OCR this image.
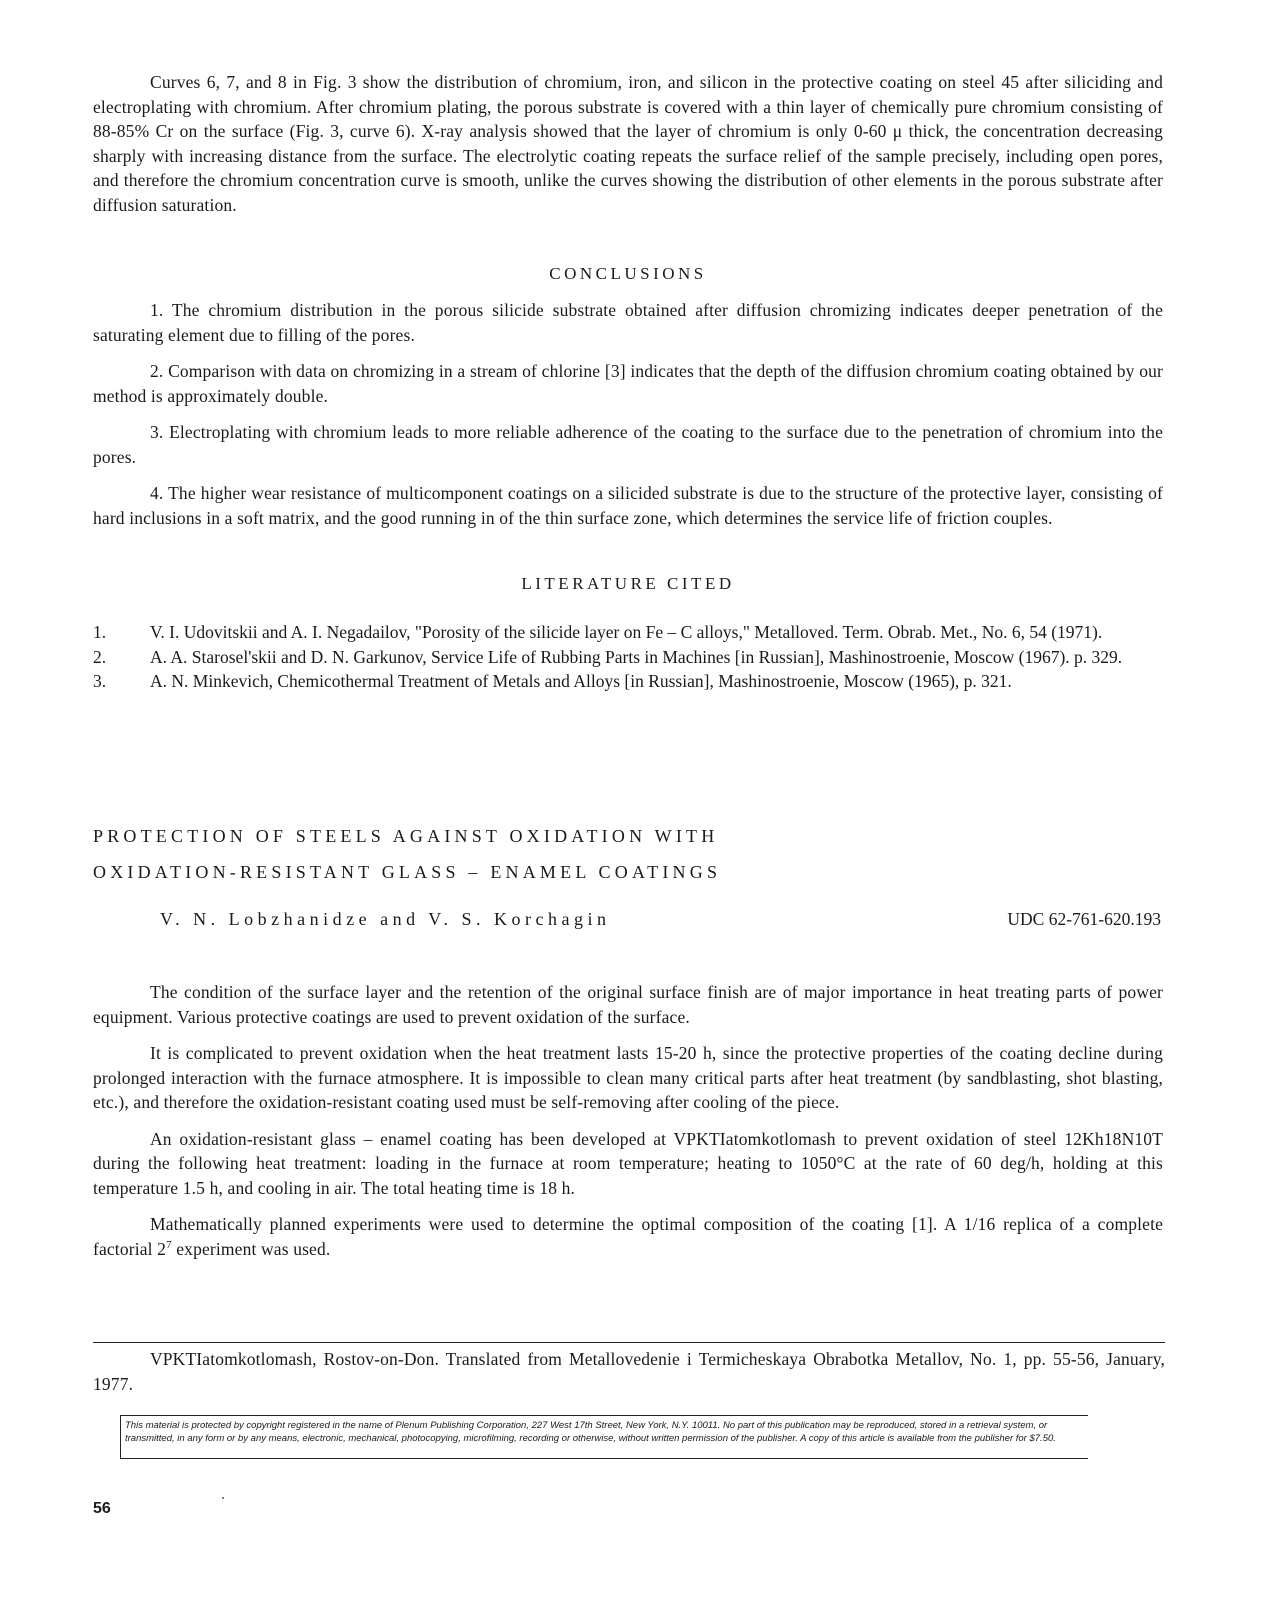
Curves 6, 7, and 8 in Fig. 3 show the distribution of chromium, iron, and silicon in the protective coating on steel 45 after siliciding and electroplating with chromium. After chromium plating, the porous substrate is covered with a thin layer of chemically pure chromium consisting of 88-85% Cr on the surface (Fig. 3, curve 6). X-ray analysis showed that the layer of chromium is only 0-60 μ thick, the concentration decreasing sharply with increasing distance from the surface. The electrolytic coating repeats the surface relief of the sample precisely, including open pores, and therefore the chromium concentration curve is smooth, unlike the curves showing the distribution of other elements in the porous substrate after diffusion saturation.

CONCLUSIONS

1. The chromium distribution in the porous silicide substrate obtained after diffusion chromizing indicates deeper penetration of the saturating element due to filling of the pores.

2. Comparison with data on chromizing in a stream of chlorine [3] indicates that the depth of the diffusion chromium coating obtained by our method is approximately double.

3. Electroplating with chromium leads to more reliable adherence of the coating to the surface due to the penetration of chromium into the pores.

4. The higher wear resistance of multicomponent coatings on a silicided substrate is due to the structure of the protective layer, consisting of hard inclusions in a soft matrix, and the good running in of the thin surface zone, which determines the service life of friction couples.

LITERATURE CITED
1.	V. I. Udovitskii and A. I. Negadailov, "Porosity of the silicide layer on Fe – C alloys," Metalloved. Term. Obrab. Met., No. 6, 54 (1971).
2.	A. A. Starosel'skii and D. N. Garkunov, Service Life of Rubbing Parts in Machines [in Russian], Mashinostroenie, Moscow (1967). p. 329.
3.	A. N. Minkevich, Chemicothermal Treatment of Metals and Alloys [in Russian], Mashinostroenie, Moscow (1965), p. 321.
PROTECTION OF STEELS AGAINST OXIDATION WITH
OXIDATION-RESISTANT GLASS – ENAMEL COATINGS
V. N. Lobzhanidze and V. S. Korchagin	UDC 62-761-620.193

The condition of the surface layer and the retention of the original surface finish are of major importance in heat treating parts of power equipment. Various protective coatings are used to prevent oxidation of the surface.

It is complicated to prevent oxidation when the heat treatment lasts 15-20 h, since the protective properties of the coating decline during prolonged interaction with the furnace atmosphere. It is impossible to clean many critical parts after heat treatment (by sandblasting, shot blasting, etc.), and therefore the oxidation-resistant coating used must be self-removing after cooling of the piece.

An oxidation-resistant glass – enamel coating has been developed at VPKTIatomkotlomash to prevent oxidation of steel 12Kh18N10T during the following heat treatment: loading in the furnace at room temperature; heating to 1050°C at the rate of 60 deg/h, holding at this temperature 1.5 h, and cooling in air. The total heating time is 18 h.

Mathematically planned experiments were used to determine the optimal composition of the coating [1]. A 1/16 replica of a complete factorial $2^7$ experiment was used.

VPKTIatomkotlomash, Rostov-on-Don. Translated from Metallovedenie i Termicheskaya Obrabotka Metallov, No. 1, pp. 55-56, January, 1977.

This material is protected by copyright registered in the name of Plenum Publishing Corporation, 227 West 17th Street, New York, N.Y. 10011. No part of this publication may be reproduced, stored in a retrieval system, or transmitted, in any form or by any means, electronic, mechanical, photocopying, microfilming, recording or otherwise, without written permission of the publisher. A copy of this article is available from the publisher for $7.50.
56
